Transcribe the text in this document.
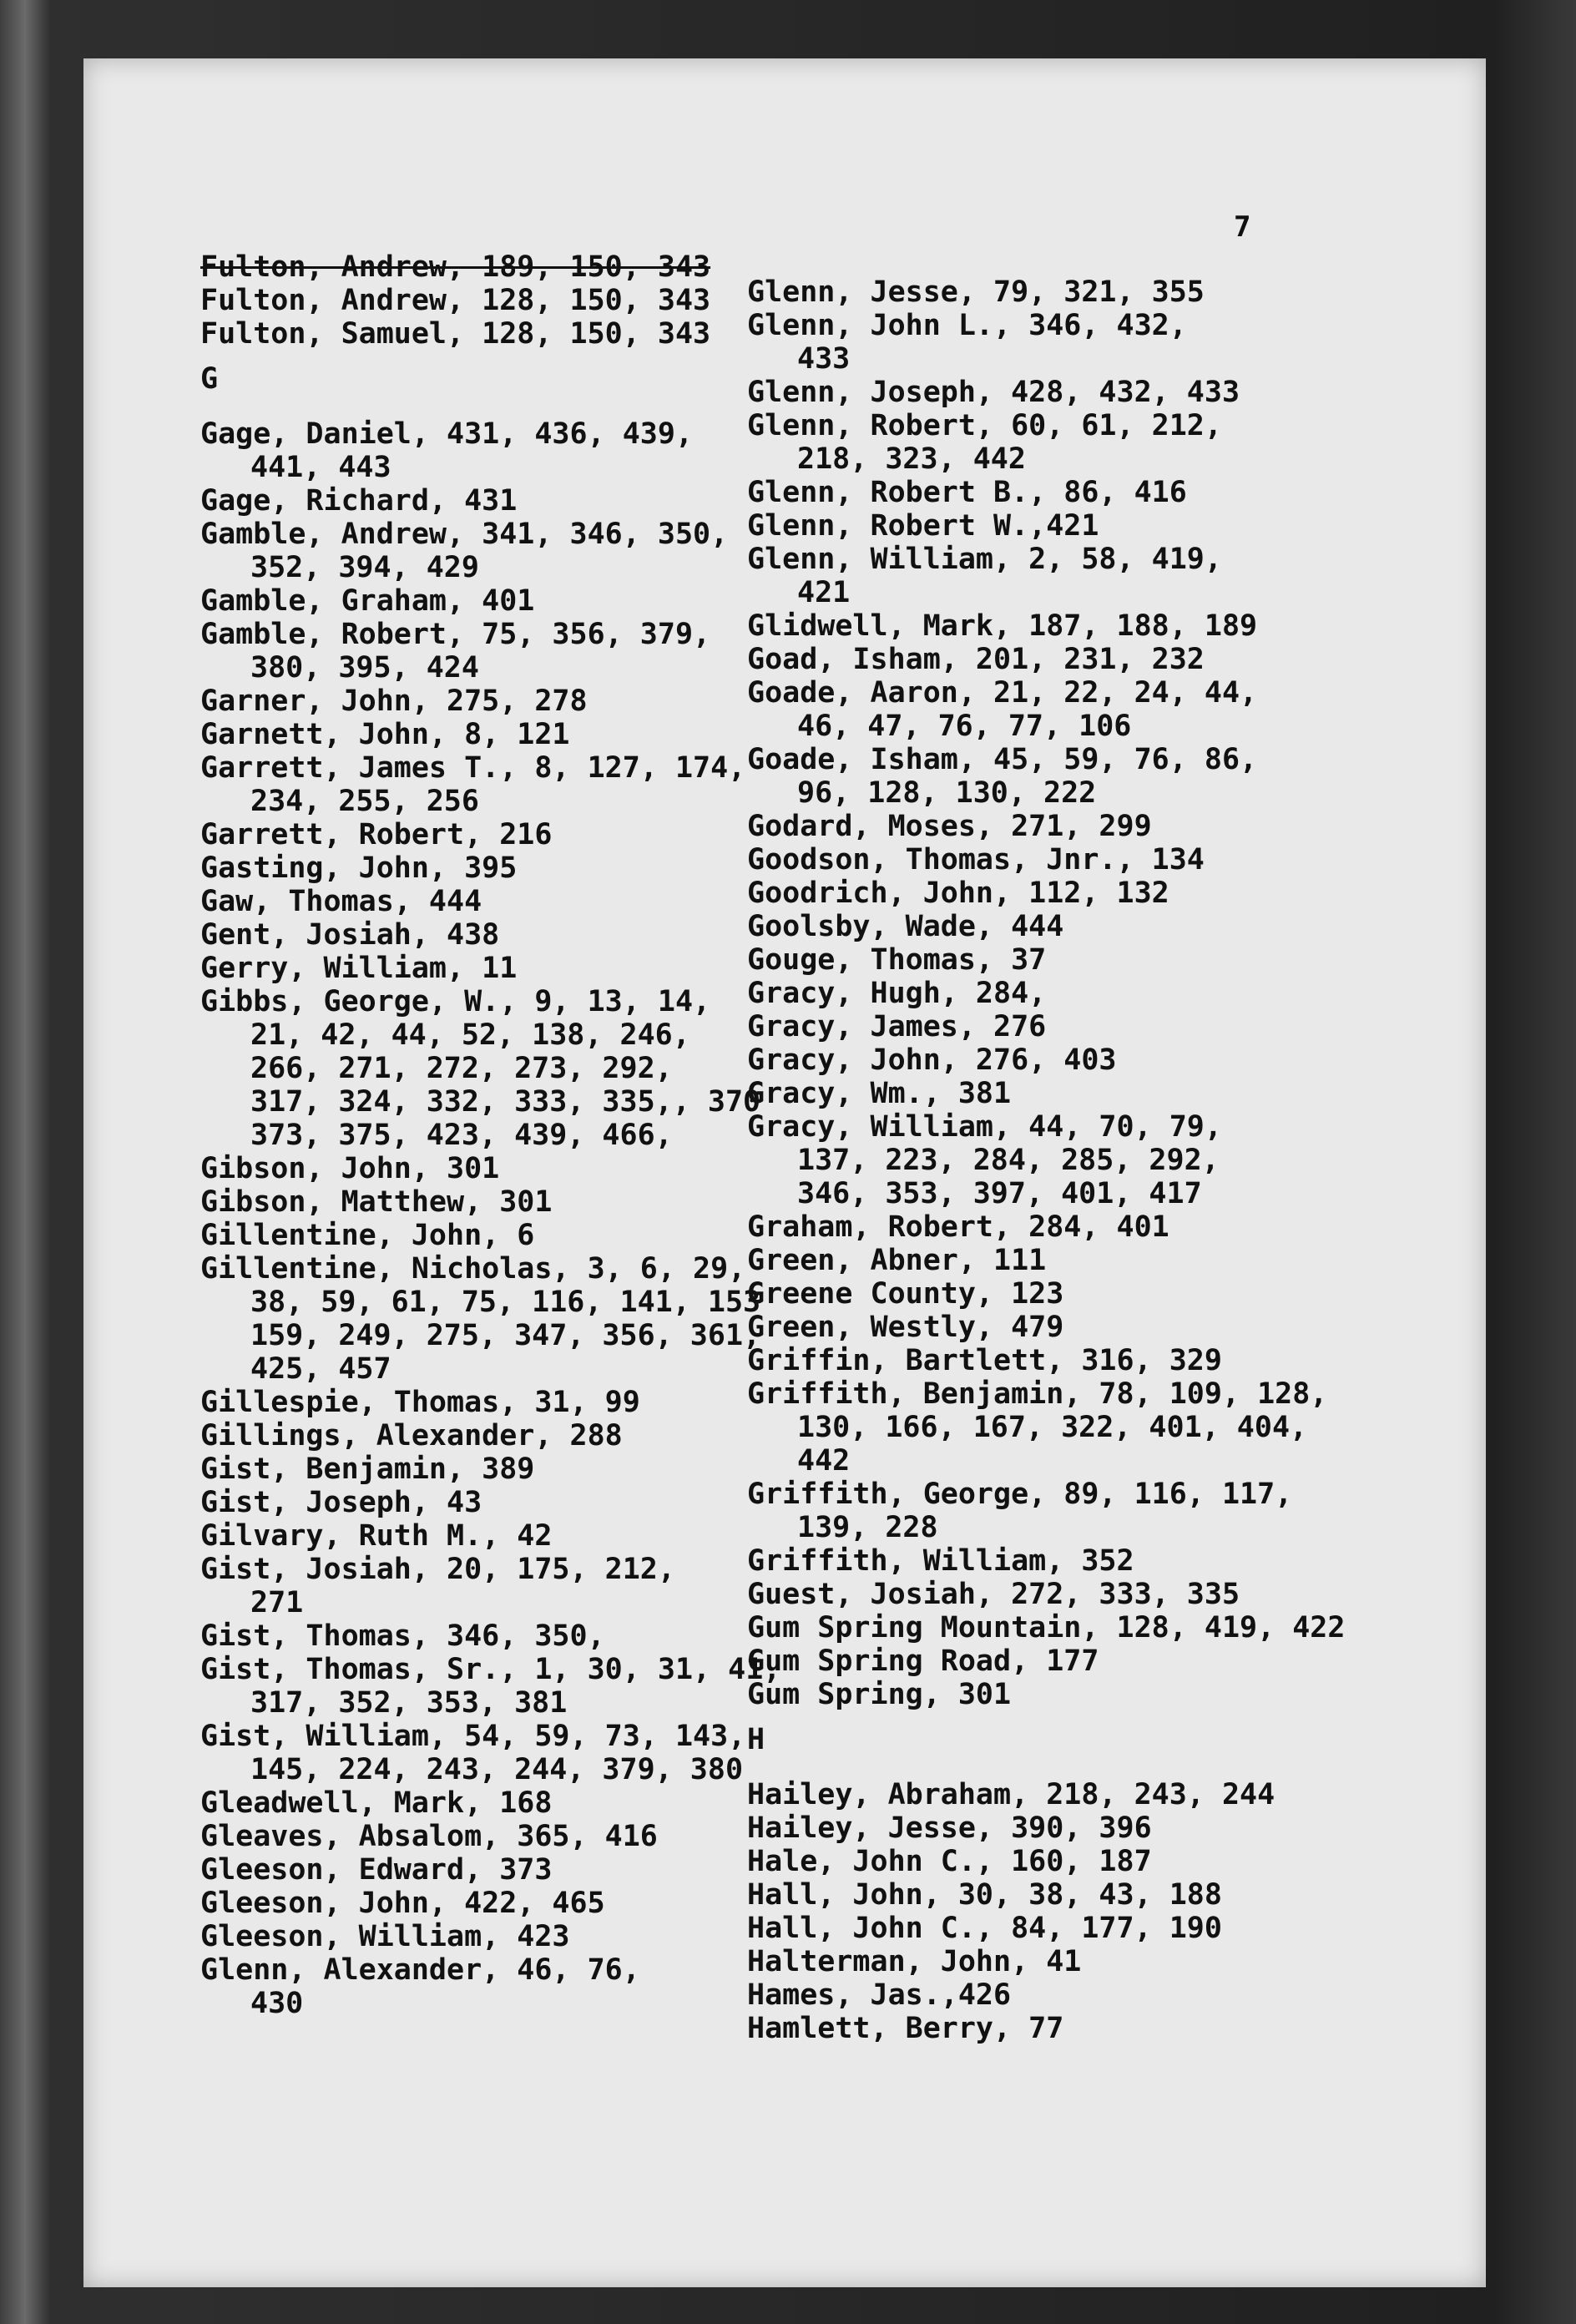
7
Fulton, Andrew, 189, 150, 343
Fulton, Andrew, 128, 150, 343
Fulton, Samuel, 128, 150, 343
G
Gage, Daniel, 431, 436, 439,
441, 443
Gage, Richard, 431
Gamble, Andrew, 341, 346, 350,
352, 394, 429
Gamble, Graham, 401
Gamble, Robert, 75, 356, 379,
380, 395, 424
Garner, John, 275, 278
Garnett, John, 8, 121
Garrett, James T., 8, 127, 174,
234, 255, 256
Garrett, Robert, 216
Gasting, John, 395
Gaw, Thomas, 444
Gent, Josiah, 438
Gerry, William, 11
Gibbs, George, W., 9, 13, 14,
21, 42, 44, 52, 138, 246,
266, 271, 272, 273, 292,
317, 324, 332, 333, 335,, 370
373, 375, 423, 439, 466,
Gibson, John, 301
Gibson, Matthew, 301
Gillentine, John, 6
Gillentine, Nicholas, 3, 6, 29,
38, 59, 61, 75, 116, 141, 153
159, 249, 275, 347, 356, 361,
425, 457
Gillespie, Thomas, 31, 99
Gillings, Alexander, 288
Gist, Benjamin, 389
Gist, Joseph, 43
Gilvary, Ruth M., 42
Gist, Josiah, 20, 175, 212,
271
Gist, Thomas, 346, 350,
Gist, Thomas, Sr., 1, 30, 31, 41,
317, 352, 353, 381
Gist, William, 54, 59, 73, 143,
145, 224, 243, 244, 379, 380
Gleadwell, Mark, 168
Gleaves, Absalom, 365, 416
Gleeson, Edward, 373
Gleeson, John, 422, 465
Gleeson, William, 423
Glenn, Alexander, 46, 76,
430
Glenn, Jesse, 79, 321, 355
Glenn, John L., 346, 432,
433
Glenn, Joseph, 428, 432, 433
Glenn, Robert, 60, 61, 212,
218, 323, 442
Glenn, Robert B., 86, 416
Glenn, Robert W.,421
Glenn, William, 2, 58, 419,
421
Glidwell, Mark, 187, 188, 189
Goad, Isham, 201, 231, 232
Goade, Aaron, 21, 22, 24, 44,
46, 47, 76, 77, 106
Goade, Isham, 45, 59, 76, 86,
96, 128, 130, 222
Godard, Moses, 271, 299
Goodson, Thomas, Jnr., 134
Goodrich, John, 112, 132
Goolsby, Wade, 444
Gouge, Thomas, 37
Gracy, Hugh, 284,
Gracy, James, 276
Gracy, John, 276, 403
Gracy, Wm., 381
Gracy, William, 44, 70, 79,
137, 223, 284, 285, 292,
346, 353, 397, 401, 417
Graham, Robert, 284, 401
Green, Abner, 111
Greene County, 123
Green, Westly, 479
Griffin, Bartlett, 316, 329
Griffith, Benjamin, 78, 109, 128,
130, 166, 167, 322, 401, 404,
442
Griffith, George, 89, 116, 117,
139, 228
Griffith, William, 352
Guest, Josiah, 272, 333, 335
Gum Spring Mountain, 128, 419, 422
Gum Spring Road, 177
Gum Spring, 301
H
Hailey, Abraham, 218, 243, 244
Hailey, Jesse, 390, 396
Hale, John C., 160, 187
Hall, John, 30, 38, 43, 188
Hall, John C., 84, 177, 190
Halterman, John, 41
Hames, Jas.,426
Hamlett, Berry, 77
